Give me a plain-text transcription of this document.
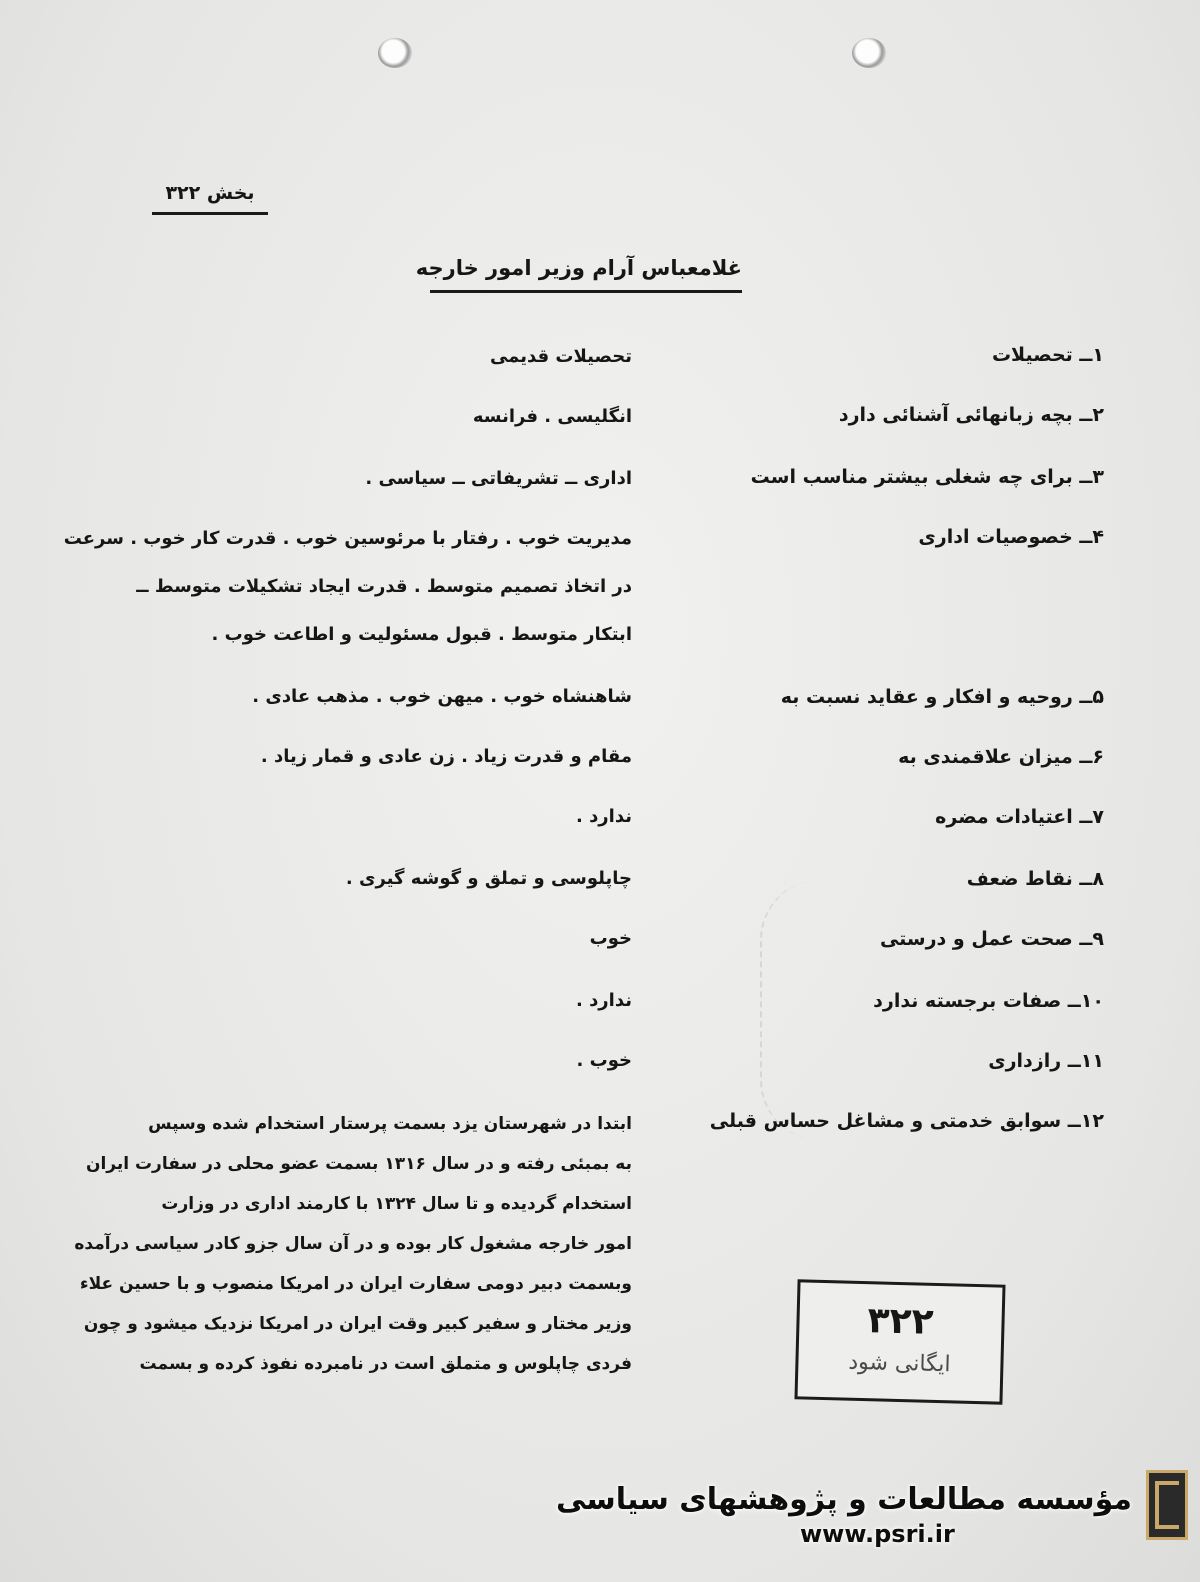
بخش ۳۲۲
غلامعباس آرام وزیر امور خارجه
۱ــ تحصیلات
۲ــ بچه زبانهائی آشنائی دارد
۳ــ برای چه شغلی بیشتر مناسب است
۴ــ خصوصیات اداری
۵ــ روحیه و افکار و عقاید نسبت به
۶ــ میزان علاقمندی به
۷ــ اعتیادات مضره
۸ــ نقاط ضعف
۹ــ صحت عمل و درستی
۱۰ــ صفات برجسته ندارد
۱۱ــ رازداری
۱۲ــ سوابق خدمتی و مشاغل حساس قبلی
تحصیلات قدیمی
انگلیسی . فرانسه
اداری ــ تشریفاتی ــ سیاسی .
مدیریت خوب . رفتار با مرئوسین خوب . قدرت کار خوب . سرعت
در اتخاذ تصمیم متوسط . قدرت ایجاد تشکیلات متوسط ــ
ابتکار متوسط . قبول مسئولیت و اطاعت خوب .
شاهنشاه خوب . میهن خوب . مذهب عادی .
مقام و قدرت زیاد . زن عادی و قمار زیاد .
ندارد .
چاپلوسی و تملق و گوشه گیری .
خوب
ندارد .
خوب .
ابتدا در شهرستان یزد بسمت پرستار استخدام شده وسپس
به بمبئی رفته و در سال ۱۳۱۶ بسمت عضو محلی در سفارت ایران
استخدام گردیده و تا سال ۱۳۲۴ با کارمند اداری در وزارت
امور خارجه مشغول کار بوده و در آن سال جزو کادر سیاسی درآمده
وبسمت دبیر دومی سفارت ایران در امریکا منصوب و با حسین علاء
وزیر مختار و سفیر کبیر وقت ایران در امریکا نزدیک میشود و چون
فردی چاپلوس و متملق است در نامبرده نفوذ کرده و بسمت
۳۲۲
ایگانی شود
مؤسسه مطالعات و پژوهشهای سیاسی
www.psri.ir
